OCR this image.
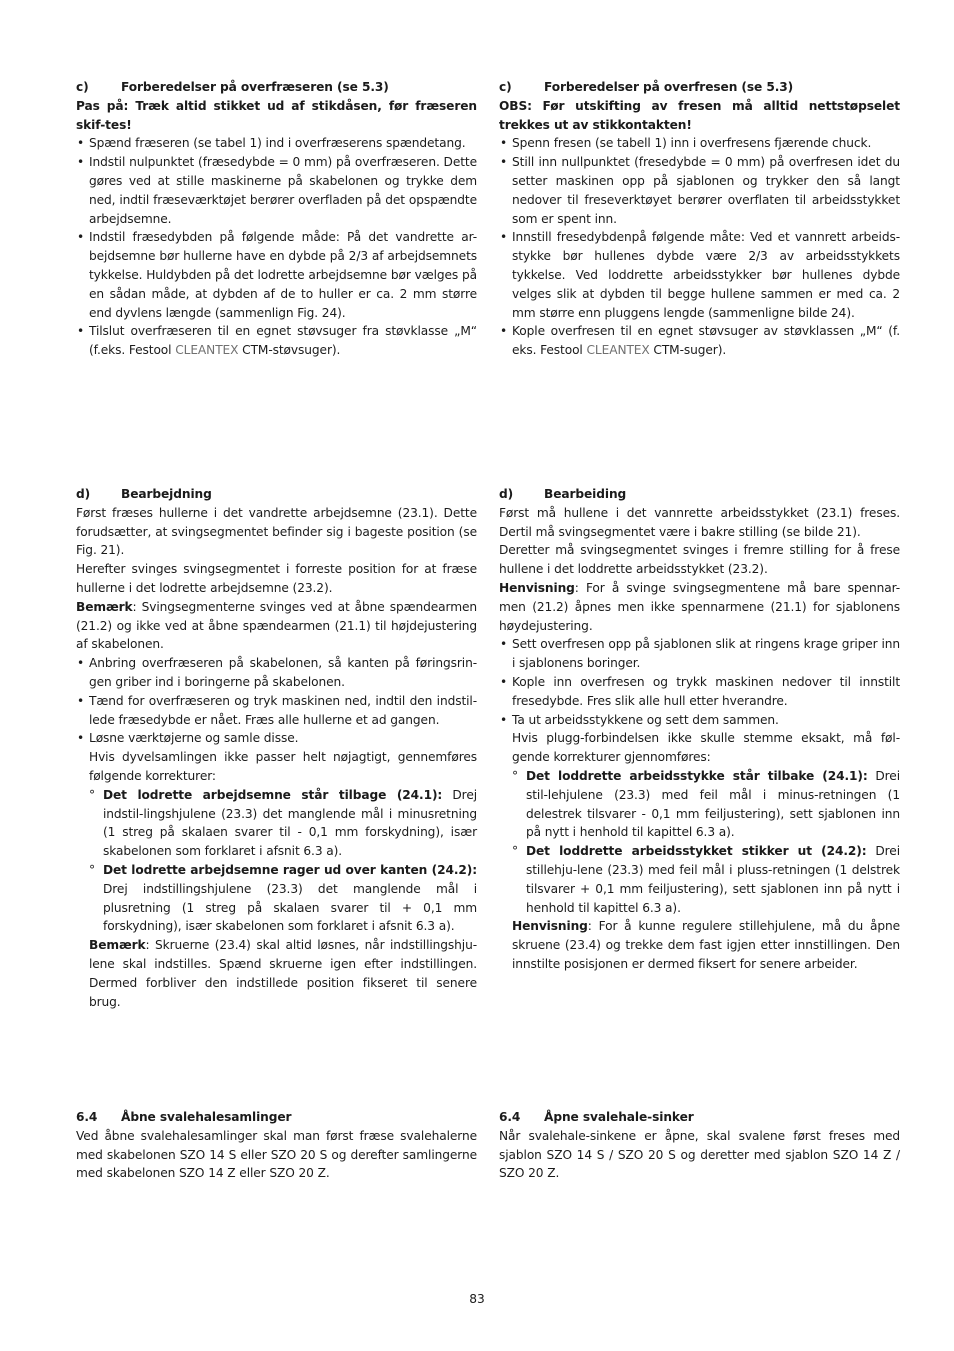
c)	Forberedelser på overfræseren (se 5.3)

Pas på: Træk altid stikket ud af stikdåsen, før fræseren skif-tes!

• Spænd fræseren (se tabel 1) ind i overfræserens spændetang.
• Indstil nulpunktet (fræsedybde = 0 mm) på overfræseren. Dette gøres ved at stille maskinerne på skabelonen og trykke dem ned, indtil fræseværktøjet berører overfladen på det opspændte arbejdsemne.
• Indstil fræsedybden på følgende måde: På det vandrette ar-bejdsemne bør hullerne have en dybde på 2/3 af arbejdsemnets tykkelse. Huldybden på det lodrette arbejdsemne bør vælges på en sådan måde, at dybden af de to huller er ca. 2 mm større end dyvlens længde (sammenlign Fig. 24).
• Tilslut overfræseren til en egnet støvsuger fra støvklasse „M“ (f.eks. Festool CLEANTEX CTM-støvsuger).
d)	Bearbejdning

Først fræses hullerne i det vandrette arbejdsemne (23.1). Dette forudsætter, at svingsegmentet befinder sig i bageste position (se Fig. 21).

Herefter svinges svingsegmentet i forreste position for at fræse hullerne i det lodrette arbejdsemne (23.2).

Bemærk: Svingsegmenterne svinges ved at åbne spændearmen (21.2) og ikke ved at åbne spændearmen (21.1) til højdejustering af skabelonen.

• Anbring overfræseren på skabelonen, så kanten på føringsrin-gen griber ind i boringerne på skabelonen.
• Tænd for overfræseren og tryk maskinen ned, indtil den indstil-lede fræsedybde er nået. Fræs alle hullerne et ad gangen.
• Løsne værktøjerne og samle disse.

Hvis dyvelsamlingen ikke passer helt nøjagtigt, gennemføres følgende korrekturer:

° Det lodrette arbejdsemne står tilbage (24.1): Drej indstil-lingshjulene (23.3) det manglende mål i minusretning (1 streg på skalaen svarer til - 0,1 mm forskydning), især skabelonen som forklaret i afsnit 6.3 a).
° Det lodrette arbejdsemne rager ud over kanten (24.2): Drej indstillingshjulene (23.3) det manglende mål i plusretning (1 streg på skalaen svarer til + 0,1 mm forskydning), især skabelonen som forklaret i afsnit 6.3 a).

Bemærk: Skruerne (23.4) skal altid løsnes, når indstillingshju-lene skal indstilles. Spænd skruerne igen efter indstillingen. Dermed forbliver den indstillede position fikseret til senere brug.

6.4 Åbne svalehalesamlinger

Ved åbne svalehalesamlinger skal man først fræse svalehalerne med skabelonen SZO 14 S eller SZO 20 S og derefter samlingerne med skabelonen SZO 14 Z eller SZO 20 Z.

c)	Forberedelser på overfresen (se 5.3)

OBS: Før utskifting av fresen må alltid nettstøpselet trekkes ut av stikkontakten!

• Spenn fresen (se tabell 1) inn i overfresens fjærende chuck.
• Still inn nullpunktet (fresedybde = 0 mm) på overfresen idet du setter maskinen opp på sjablonen og trykker den så langt nedover til freseverktøyet berører overflaten til arbeidsstykket som er spent inn.
• Innstill fresedybdenpå følgende måte: Ved et vannrett arbeids-stykke bør hullenes dybde være 2/3 av arbeidsstykkets tykkelse. Ved loddrette arbeidsstykker bør hullenes dybde velges slik at dybden til begge hullene sammen er med ca. 2 mm større enn pluggens lengde (sammenligne bilde 24).
• Kople overfresen til en egnet støvsuger av støvklassen „M“ (f. eks. Festool CLEANTEX CTM-suger).
d)	Bearbeiding

Først må hullene i det vannrette arbeidsstykket (23.1) freses. Dertil må svingsegmentet være i bakre stilling (se bilde 21).

Deretter må svingsegmentet svinges i fremre stilling for å frese hullene i det loddrette arbeidsstykket (23.2).

Henvisning: For å svinge svingsegmentene må bare spennar-men (21.2) åpnes men ikke spennarmene (21.1) for sjablonens høydejustering.

• Sett overfresen opp på sjablonen slik at ringens krage griper inn i sjablonens boringer.
• Kople inn overfresen og trykk maskinen nedover til innstilt fresedybde. Fres slik alle hull etter hverandre.
• Ta ut arbeidsstykkene og sett dem sammen.

Hvis plugg-forbindelsen ikke skulle stemme eksakt, må føl-gende korrekturer gjennomføres:

° Det loddrette arbeidsstykke står tilbake (24.1): Drei stil-lehjulene (23.3) med feil mål i minus-retningen (1 delestrek tilsvarer - 0,1 mm feiljustering), sett sjablonen inn på nytt i henhold til kapittel 6.3 a).
° Det loddrette arbeidsstykket stikker ut (24.2): Drei stillehju-lene (23.3) med feil mål i pluss-retningen (1 delstrek tilsvarer + 0,1 mm feiljustering), sett sjablonen inn på nytt i henhold til kapittel 6.3 a).

Henvisning: For å kunne regulere stillehjulene, må du åpne skruene (23.4) og trekke dem fast igjen etter innstillingen. Den innstilte posisjonen er dermed fiksert for senere arbeider.

6.4 Åpne svalehale-sinker

Når svalehale-sinkene er åpne, skal svalene først freses med sjablon SZO 14 S / SZO 20 S og deretter med sjablon SZO 14 Z / SZO 20 Z.

83
